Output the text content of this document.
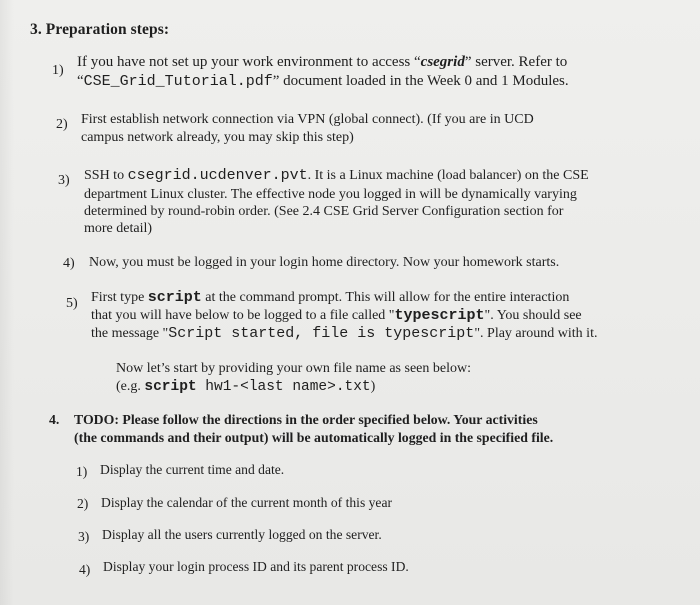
3. Preparation steps:
1)
If you have not set up your work environment to access “csegrid” server. Refer to
“CSE_Grid_Tutorial.pdf” document loaded in the Week 0 and 1 Modules.
2) First establish network connection via VPN (global connect). (If you are in UCD
campus network already, you may skip this step)
3) SSH to csegrid.ucdenver.pvt. It is a Linux machine (load balancer) on the CSE
department Linux cluster. The effective node you logged in will be dynamically varying
determined by round-robin order. (See 2.4 CSE Grid Server Configuration section for
more detail)
4) Now, you must be logged in your login home directory. Now your homework starts.
5) First type script at the command prompt. This will allow for the entire interaction
that you will have below to be logged to a file called "typescript". You should see
the message "Script started, file is typescript". Play around with it.
Now let’s start by providing your own file name as seen below:
(e.g. script hw1-<last name>.txt)
4. TODO: Please follow the directions in the order specified below. Your activities
(the commands and their output) will be automatically logged in the specified file.
1) Display the current time and date.
2) Display the calendar of the current month of this year
3) Display all the users currently logged on the server.
4) Display your login process ID and its parent process ID.
